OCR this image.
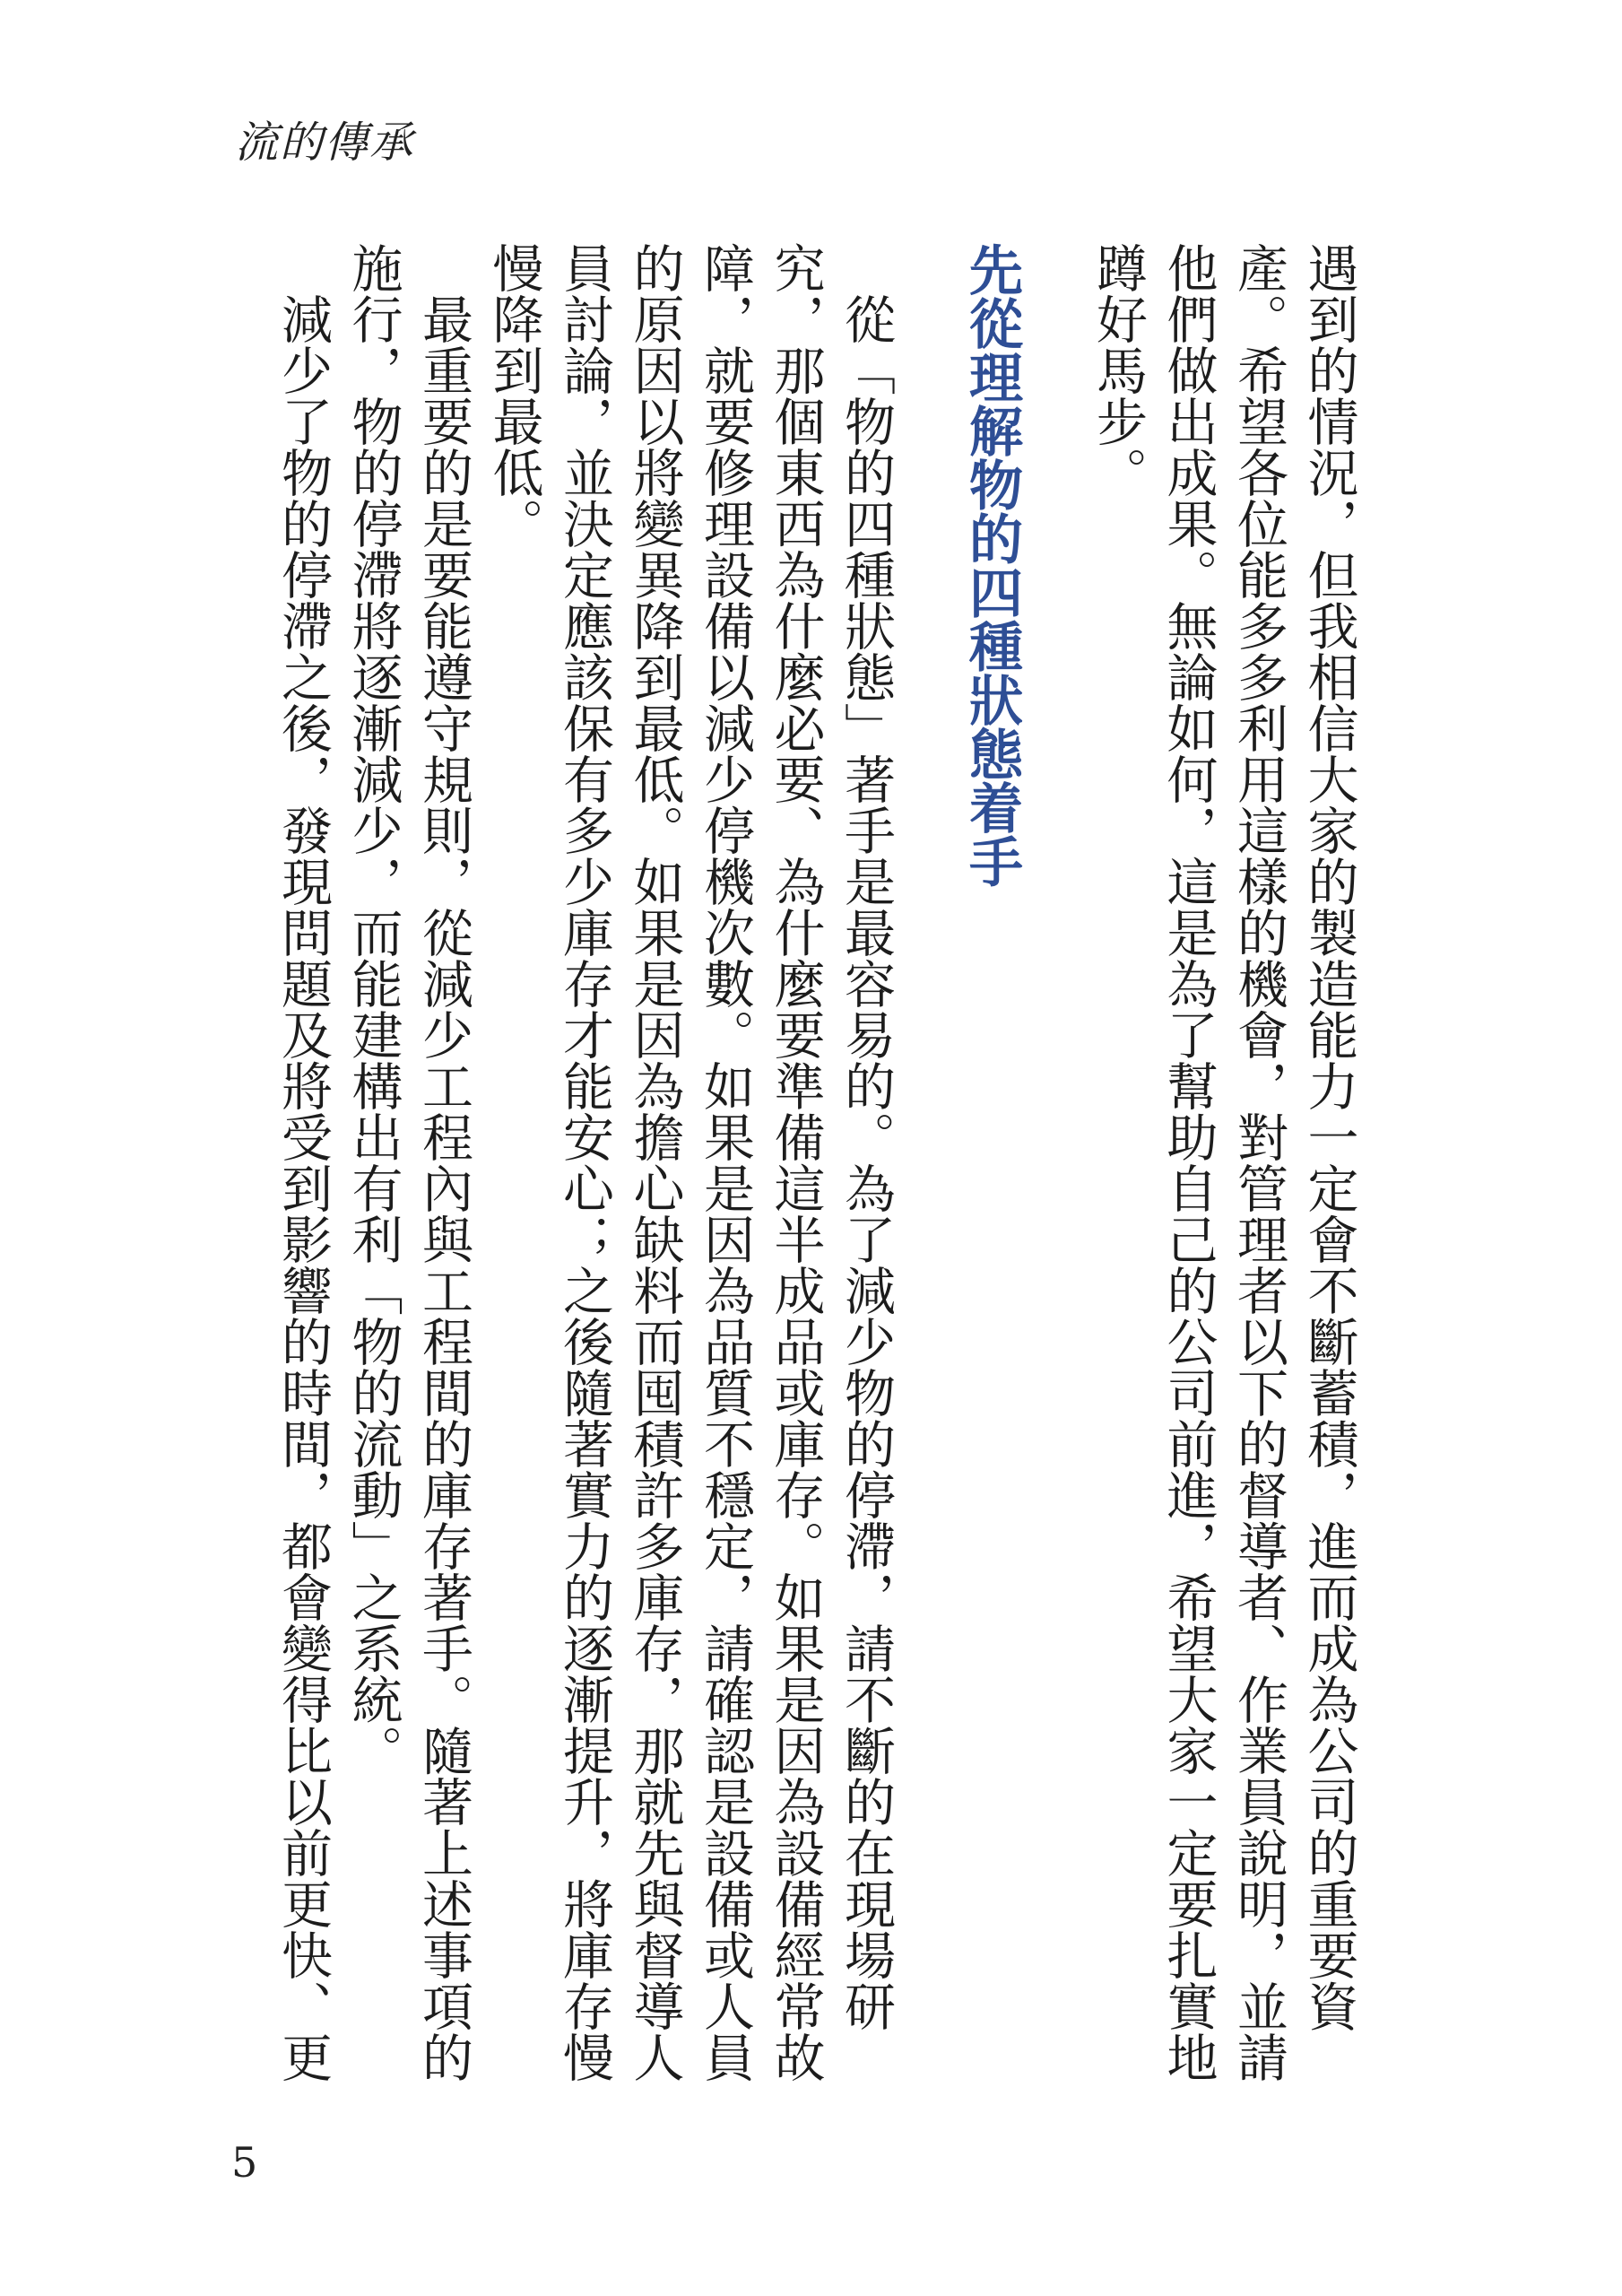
流的傳承

遇到的情況，但我相信大家的製造能力一定會不斷蓄積，進而成為公司的重要資產。希望各位能多多利用這樣的機會，對管理者以下的督導者、作業員說明，並請他們做出成果。無論如何，這是為了幫助自己的公司前進，希望大家一定要扎實地蹲好馬步。

先從理解物的四種狀態着手

從「物的四種狀態」著手是最容易的。為了減少物的停滯，請不斷的在現場研究，那個東西為什麼必要、為什麼要準備這半成品或庫存。如果是因為設備經常故障，就要修理設備以減少停機次數。如果是因為品質不穩定，請確認是設備或人員的原因以將變異降到最低。如果是因為擔心缺料而囤積許多庫存，那就先與督導人員討論，並決定應該保有多少庫存才能安心；之後隨著實力的逐漸提升，將庫存慢慢降到最低。

最重要的是要能遵守規則，從減少工程內與工程間的庫存著手。隨著上述事項的施行，物的停滯將逐漸減少，而能建構出有利「物的流動」之系統。

減少了物的停滯之後，發現問題及將受到影響的時間，都會變得比以前更快、更

5
